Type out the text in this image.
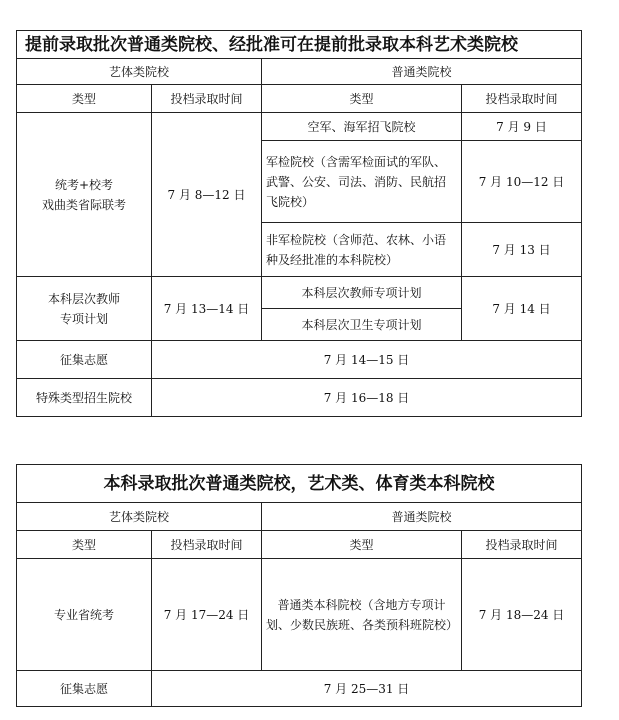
提前录取批次普通类院校、经批准可在提前批录取本科艺术类院校			
艺体类院校		普通类院校	
类型	投档录取时间	类型	投档录取时间

统考+校考
戏曲类省际联考	7 月 8—12 日	空军、海军招飞院校	7 月 9 日
		军检院校（含需军检面试的军队、武警、公安、司法、消防、民航招飞院校）	7 月 10—12 日
		非军检院校（含师范、农林、小语种及经批准的本科院校）	7 月 13 日

本科层次教师
专项计划	7 月 13—14 日	本科层次教师专项计划	7 月 14 日
		本科层次卫生专项计划	
征集志愿	7 月 14—15 日		
特殊类型招生院校	7 月 16—18 日		
本科录取批次普通类院校，艺术类、体育类本科院校			
艺体类院校		普通类院校	
类型	投档录取时间	类型	投档录取时间
专业省统考	7 月 17—24 日	普通类本科院校（含地方专项计划、少数民族班、各类预科班院校）	7 月 18—24 日
征集志愿	7 月 25—31 日		
